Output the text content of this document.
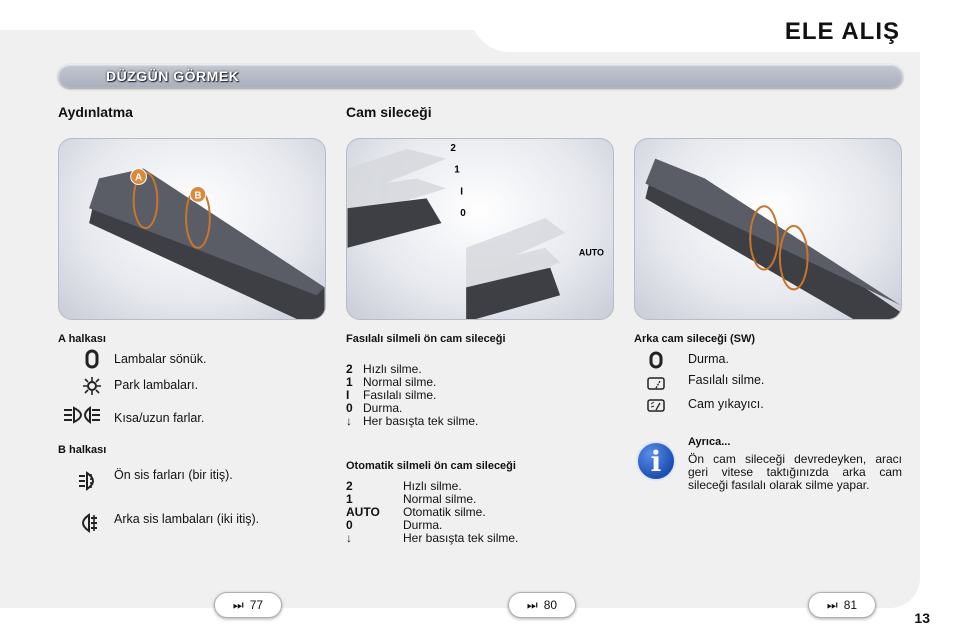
ELE ALIŞ
DÜZGÜN GÖRMEK
Aydınlatma	Cam sileceği
A
B
2
1
I
0
AUTO
A halkası
Lambalar sönük.
Park lambaları.
Kısa/uzun farlar.
B halkası
Ön sis farları (bir itiş).
Arka sis lambaları (iki itiş).
Fasılalı silmeli ön cam sileceği
2 Hızlı silme.
1 Normal silme.
I Fasılalı silme.
0 Durma.
↓ Her basışta tek silme.
Otomatik silmeli ön cam sileceği
2	Hızlı silme.
1	Normal silme.
AUTO Otomatik silme.
0	Durma.
↓	Her basışta tek silme.
Arka cam sileceği (SW)
Durma.
Fasılalı silme.
Cam yıkayıcı.
i
Ayrıca...
Ön cam sileceği devredeyken, aracı geri vitese taktığınızda arka cam sileceği fasılalı olarak silme yapar.
⏭ 77	⏭ 80	⏭ 81
13
